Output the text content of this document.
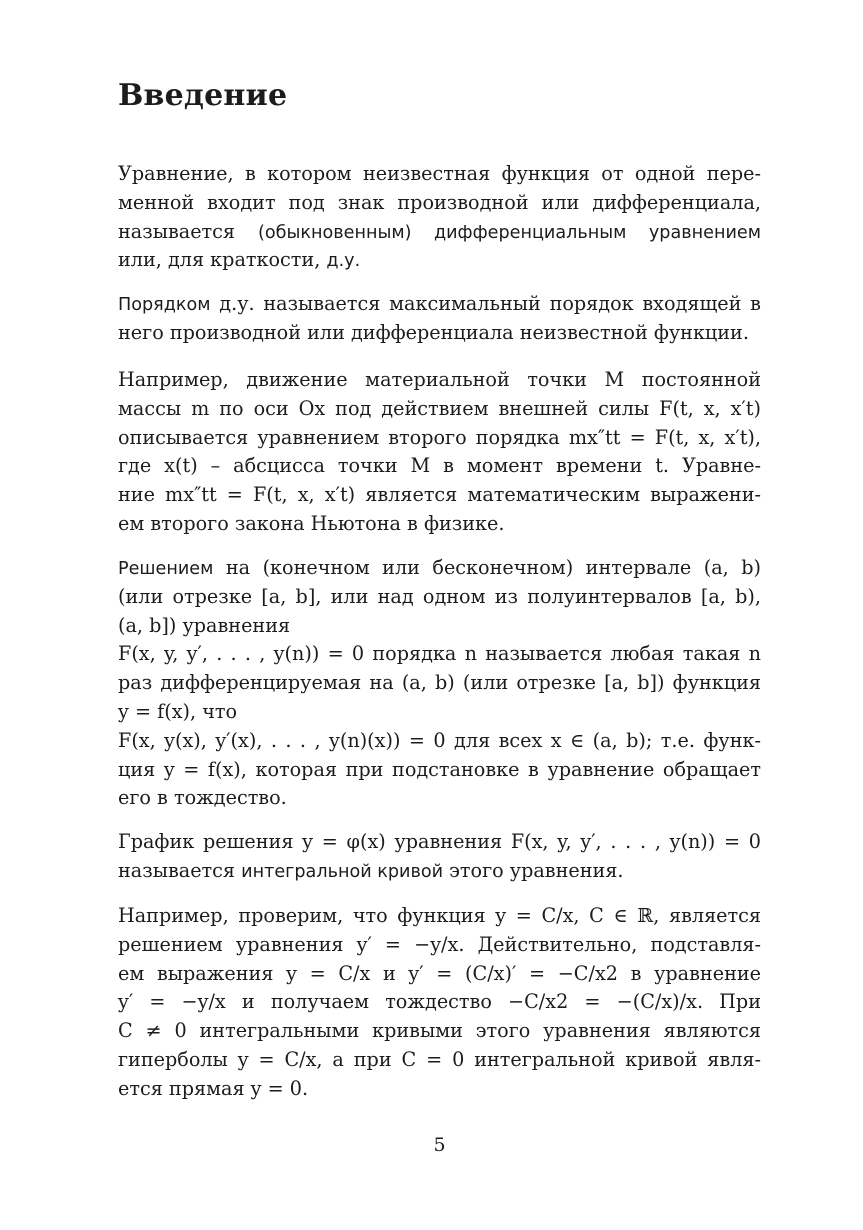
Введение
Уравнение, в котором неизвестная функция от одной пере-
менной входит под знак производной или дифференциала,
называется (обыкновенным) дифференциальным уравнением
или, для краткости, д.у.
Порядком д.у. называется максимальный порядок входящей в
него производной или дифференциала неизвестной функции.
Например, движение материальной точки M постоянной
массы m по оси Ox под действием внешней силы F(t, x, x′t)
описывается уравнением второго порядка mx″tt = F(t, x, x′t),
где x(t) – абсцисса точки M в момент времени t. Уравне-
ние mx″tt = F(t, x, x′t) является математическим выражени-
ем второго закона Ньютона в физике.
Решением на (конечном или бесконечном) интервале (a, b)
(или отрезке [a, b], или над одном из полуинтервалов [a, b),
(a, b]) уравнения
F(x, y, y′, . . . , y(n)) = 0 порядка n называется любая такая n
раз дифференцируемая на (a, b) (или отрезке [a, b]) функция
y = f(x), что
F(x, y(x), y′(x), . . . , y(n)(x)) = 0 для всех x ∈ (a, b); т.е. функ-
ция y = f(x), которая при подстановке в уравнение обращает
его в тождество.
График решения y = φ(x) уравнения F(x, y, y′, . . . , y(n)) = 0
называется интегральной кривой этого уравнения.
Например, проверим, что функция y = C/x, C ∈ ℝ, является
решением уравнения y′ = −y/x. Действительно, подставля-
ем выражения y = C/x и y′ = (C/x)′ = −C/x2 в уравнение
y′ = −y/x и получаем тождество −C/x2 = −(C/x)/x. При
C ≠ 0 интегральными кривыми этого уравнения являются
гиперболы y = C/x, а при C = 0 интегральной кривой явля-
ется прямая y = 0.
5
